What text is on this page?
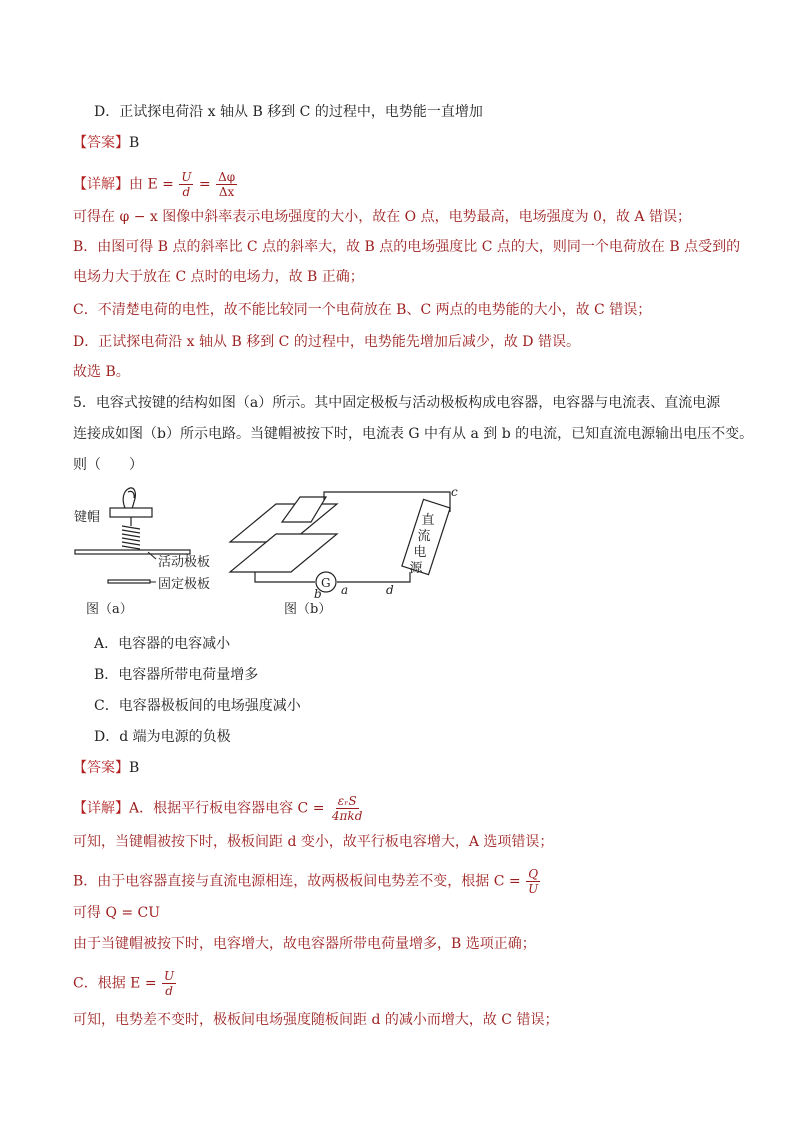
D．正试探电荷沿 x 轴从 B 移到 C 的过程中，电势能一直增加
【答案】B
【详解】由 $E = \frac{U}{d} = \frac{\Delta\varphi}{\Delta x}$
可得在 φ − x 图像中斜率表示电场强度的大小，故在 O 点，电势最高，电场强度为 0，故 A 错误；
B．由图可得 B 点的斜率比 C 点的斜率大，故 B 点的电场强度比 C 点的大，则同一个电荷放在 B 点受到的
电场力大于放在 C 点时的电场力，故 B 正确；
C．不清楚电荷的电性，故不能比较同一个电荷放在 B、C 两点的电势能的大小，故 C 错误；
D．正试探电荷沿 x 轴从 B 移到 C 的过程中，电势能先增加后减少，故 D 错误。
故选 B。
5．电容式按键的结构如图（a）所示。其中固定极板与活动极板构成电容器，电容器与电流表、直流电源
连接成如图（b）所示电路。当键帽被按下时，电流表 G 中有从 a 到 b 的电流，已知直流电源输出电压不变。
则（　　）
键帽
活动极板
固定极板
图（a）
G
直
流
电
源
c
d
b a
图（b）
A．电容器的电容减小
B．电容器所带电荷量增多
C．电容器极板间的电场强度减小
D．d 端为电源的负极
【答案】B
【详解】A．根据平行板电容器电容 $C = \frac{\text{εᵣS}}{\text{4πkd}}$
可知，当键帽被按下时，极板间距 d 变小，故平行板电容增大，A 选项错误；
B．由于电容器直接与直流电源相连，故两极板间电势差不变，根据 $C = \frac{Q}{U}$
可得 Q = CU
由于当键帽被按下时，电容增大，故电容器所带电荷量增多，B 选项正确；
C．根据 $E = \frac{U}{d}$
可知，电势差不变时，极板间电场强度随板间距 d 的减小而增大，故 C 错误；
